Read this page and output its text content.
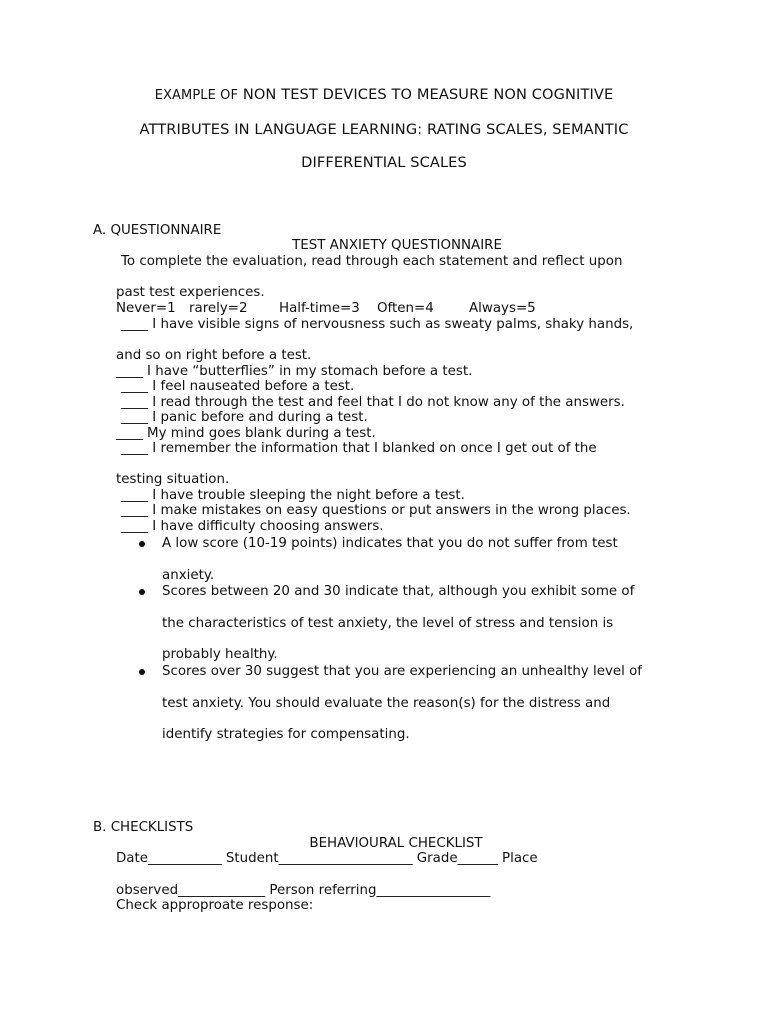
EXAMPLE OF NON TEST DEVICES TO MEASURE NON COGNITIVE
ATTRIBUTES IN LANGUAGE LEARNING: RATING SCALES, SEMANTIC
DIFFERENTIAL SCALES
A. QUESTIONNAIRE
TEST ANXIETY QUESTIONNAIRE
To complete the evaluation, read through each statement and reflect upon
past test experiences.
Never=1 rarely=2 Half-time=3 Often=4	Always=5
____ I have visible signs of nervousness such as sweaty palms, shaky hands,
and so on right before a test.
____ I have “butterflies” in my stomach before a test.
____ I feel nauseated before a test.
____ I read through the test and feel that I do not know any of the answers.
____ I panic before and during a test.
____ My mind goes blank during a test.
____ I remember the information that I blanked on once I get out of the
testing situation.
____ I have trouble sleeping the night before a test.
____ I make mistakes on easy questions or put answers in the wrong places.
____ I have difficulty choosing answers.
A low score (10-19 points) indicates that you do not suffer from test
anxiety.
Scores between 20 and 30 indicate that, although you exhibit some of
the characteristics of test anxiety, the level of stress and tension is
probably healthy.
Scores over 30 suggest that you are experiencing an unhealthy level of
test anxiety. You should evaluate the reason(s) for the distress and
identify strategies for compensating.
B. CHECKLISTS
BEHAVIOURAL CHECKLIST
Date___________ Student____________________ Grade______ Place
observed_____________ Person referring_________________
Check approproate response:
